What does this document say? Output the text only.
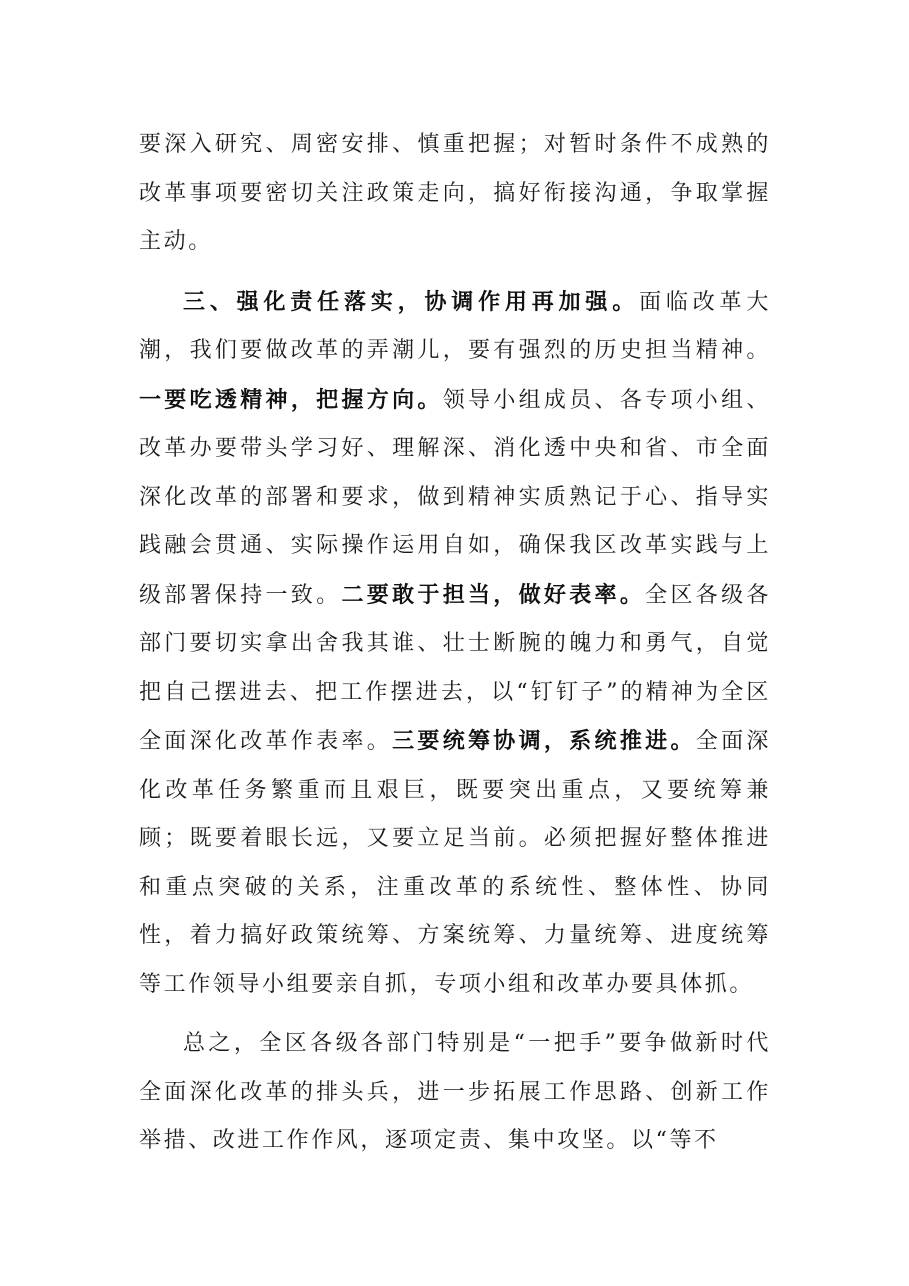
要深入研究、周密安排、慎重把握；对暂时条件不成熟的改革事项要密切关注政策走向，搞好衔接沟通，争取掌握主动。

三、强化责任落实，协调作用再加强。面临改革大潮，我们要做改革的弄潮儿，要有强烈的历史担当精神。一要吃透精神，把握方向。领导小组成员、各专项小组、改革办要带头学习好、理解深、消化透中央和省、市全面深化改革的部署和要求，做到精神实质熟记于心、指导实践融会贯通、实际操作运用自如，确保我区改革实践与上级部署保持一致。二要敢于担当，做好表率。全区各级各部门要切实拿出舍我其谁、壮士断腕的魄力和勇气，自觉把自己摆进去、把工作摆进去，以“钉钉子”的精神为全区全面深化改革作表率。三要统筹协调，系统推进。全面深化改革任务繁重而且艰巨，既要突出重点，又要统筹兼顾；既要着眼长远，又要立足当前。必须把握好整体推进和重点突破的关系，注重改革的系统性、整体性、协同性，着力搞好政策统筹、方案统筹、力量统筹、进度统筹等工作领导小组要亲自抓，专项小组和改革办要具体抓。

总之，全区各级各部门特别是“一把手”要争做新时代全面深化改革的排头兵，进一步拓展工作思路、创新工作举措、改进工作作风，逐项定责、集中攻坚。以“等不
